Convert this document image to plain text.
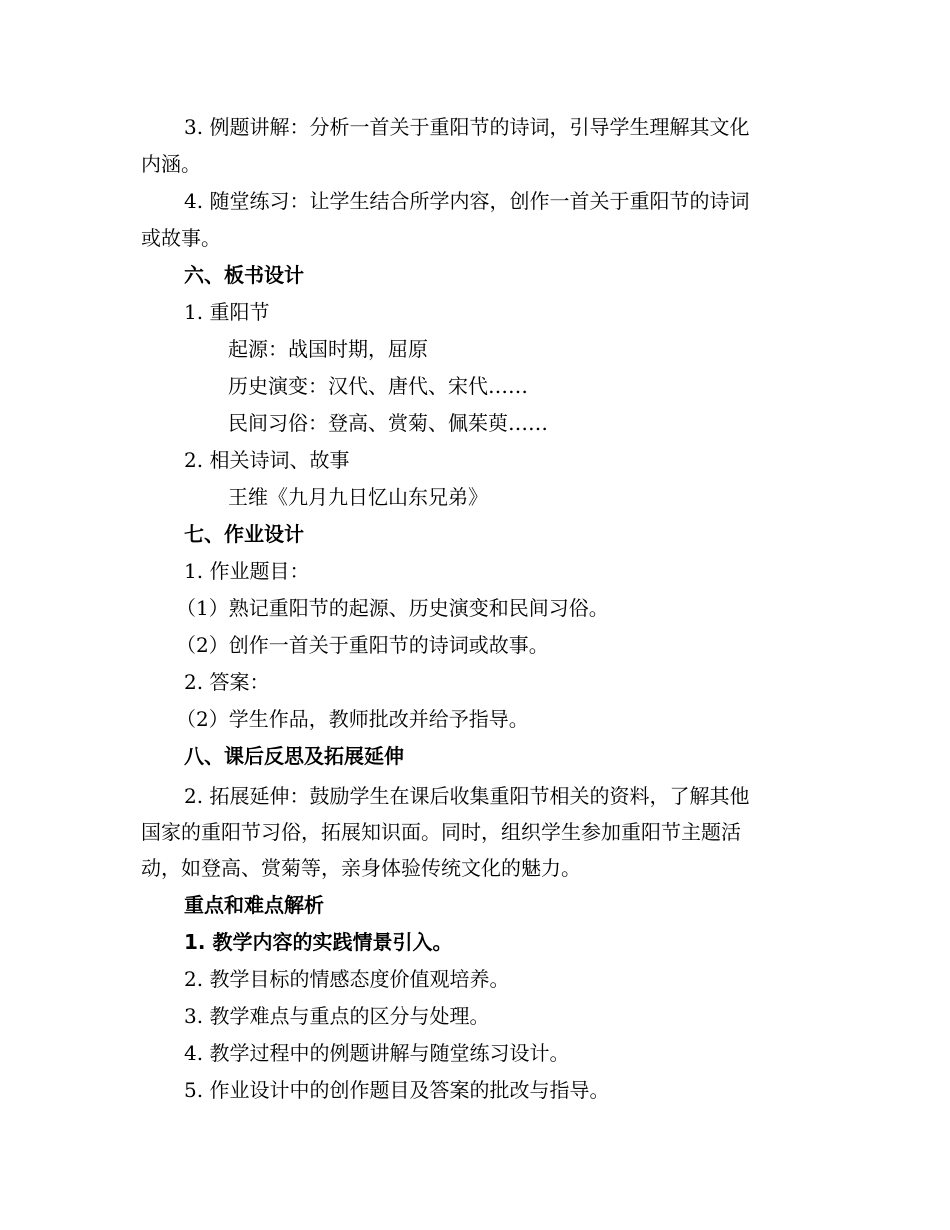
3. 例题讲解：分析一首关于重阳节的诗词，引导学生理解其文化
内涵。
4. 随堂练习：让学生结合所学内容，创作一首关于重阳节的诗词
或故事。
六、板书设计
1. 重阳节
起源：战国时期，屈原
历史演变：汉代、唐代、宋代……
民间习俗：登高、赏菊、佩茱萸……
2. 相关诗词、故事
王维《九月九日忆山东兄弟》
七、作业设计
1. 作业题目：
（1）熟记重阳节的起源、历史演变和民间习俗。
（2）创作一首关于重阳节的诗词或故事。
2. 答案：
（2）学生作品，教师批改并给予指导。
八、课后反思及拓展延伸
2. 拓展延伸：鼓励学生在课后收集重阳节相关的资料，了解其他
国家的重阳节习俗，拓展知识面。同时，组织学生参加重阳节主题活
动，如登高、赏菊等，亲身体验传统文化的魅力。
重点和难点解析
1. 教学内容的实践情景引入。
2. 教学目标的情感态度价值观培养。
3. 教学难点与重点的区分与处理。
4. 教学过程中的例题讲解与随堂练习设计。
5. 作业设计中的创作题目及答案的批改与指导。
